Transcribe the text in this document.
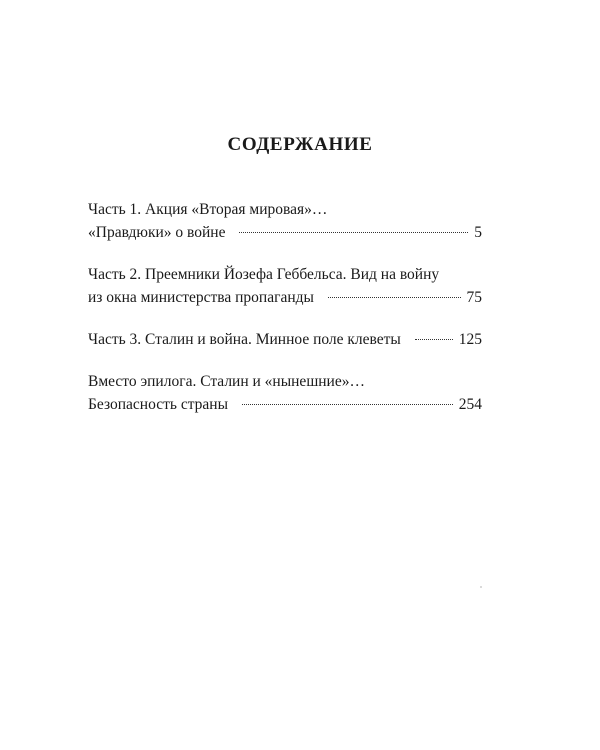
СОДЕРЖАНИЕ
Часть 1. Акция «Вторая мировая»…
«Правдюки» о войне	5
Часть 2. Преемники Йозефа Геббельса. Вид на войну
из окна министерства пропаганды	75
Часть 3. Сталин и война. Минное поле клеветы	125
Вместо эпилога. Сталин и «нынешние»…
Безопасность страны	254
